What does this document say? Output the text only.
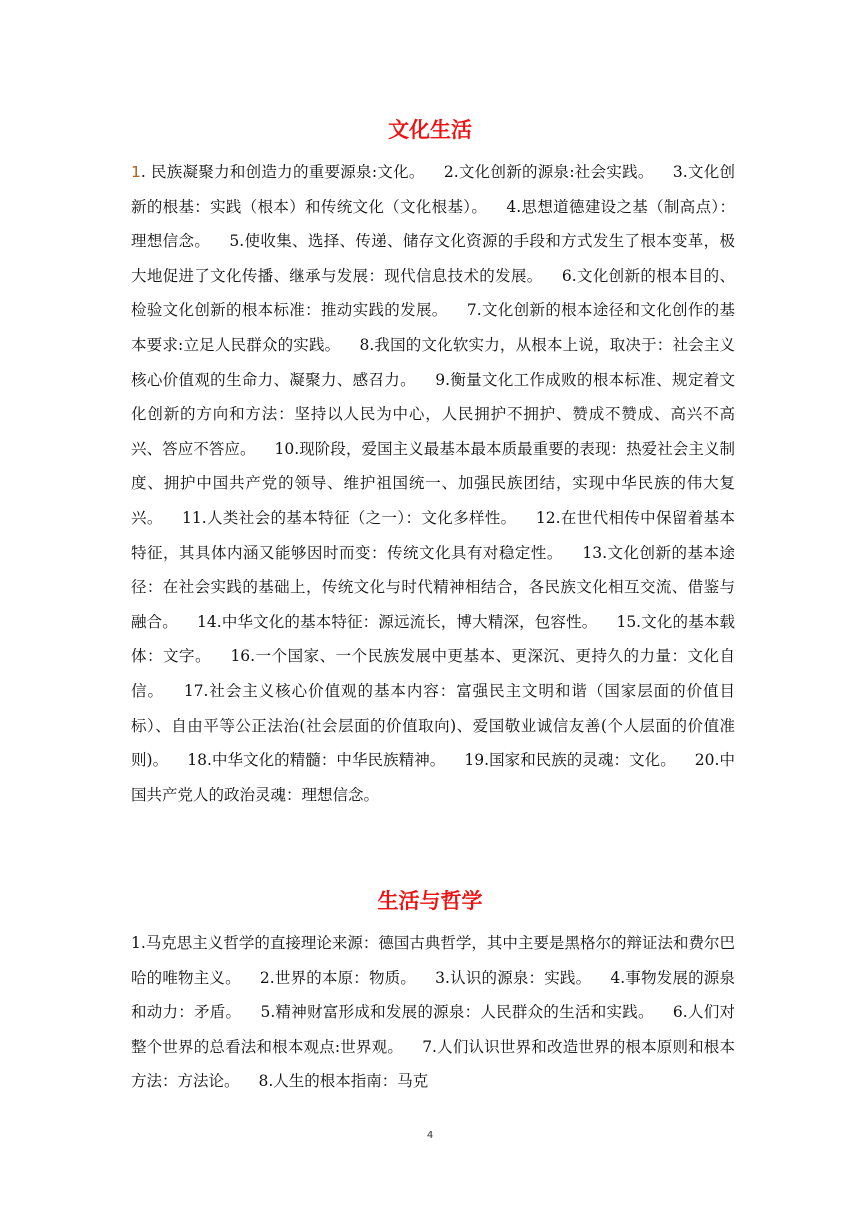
文化生活

1. 民族凝聚力和创造力的重要源泉:文化。 2.文化创新的源泉:社会实践。 3.文化创新的根基：实践（根本）和传统文化（文化根基）。 4.思想道德建设之基（制高点）：理想信念。 5.使收集、选择、传递、储存文化资源的手段和方式发生了根本变革，极大地促进了文化传播、继承与发展：现代信息技术的发展。 6.文化创新的根本目的、检验文化创新的根本标准：推动实践的发展。 7.文化创新的根本途径和文化创作的基本要求:立足人民群众的实践。 8.我国的文化软实力，从根本上说，取决于：社会主义核心价值观的生命力、凝聚力、感召力。 9.衡量文化工作成败的根本标准、规定着文化创新的方向和方法：坚持以人民为中心，人民拥护不拥护、赞成不赞成、高兴不高兴、答应不答应。 10.现阶段，爱国主义最基本最本质最重要的表现：热爱社会主义制度、拥护中国共产党的领导、维护祖国统一、加强民族团结，实现中华民族的伟大复兴。 11.人类社会的基本特征（之一）：文化多样性。 12.在世代相传中保留着基本特征，其具体内涵又能够因时而变：传统文化具有对稳定性。 13.文化创新的基本途径：在社会实践的基础上，传统文化与时代精神相结合，各民族文化相互交流、借鉴与融合。 14.中华文化的基本特征：源远流长，博大精深，包容性。 15.文化的基本载体：文字。 16.一个国家、一个民族发展中更基本、更深沉、更持久的力量：文化自信。 17.社会主义核心价值观的基本内容：富强民主文明和谐（国家层面的价值目标）、自由平等公正法治(社会层面的价值取向)、爱国敬业诚信友善(个人层面的价值准则)。 18.中华文化的精髓：中华民族精神。 19.国家和民族的灵魂：文化。 20.中国共产党人的政治灵魂：理想信念。

生活与哲学

1.马克思主义哲学的直接理论来源：德国古典哲学，其中主要是黑格尔的辩证法和费尔巴哈的唯物主义。 2.世界的本原：物质。 3.认识的源泉：实践。 4.事物发展的源泉和动力：矛盾。 5.精神财富形成和发展的源泉：人民群众的生活和实践。 6.人们对整个世界的总看法和根本观点:世界观。 7.人们认识世界和改造世界的根本原则和根本方法：方法论。 8.人生的根本指南：马克

4
